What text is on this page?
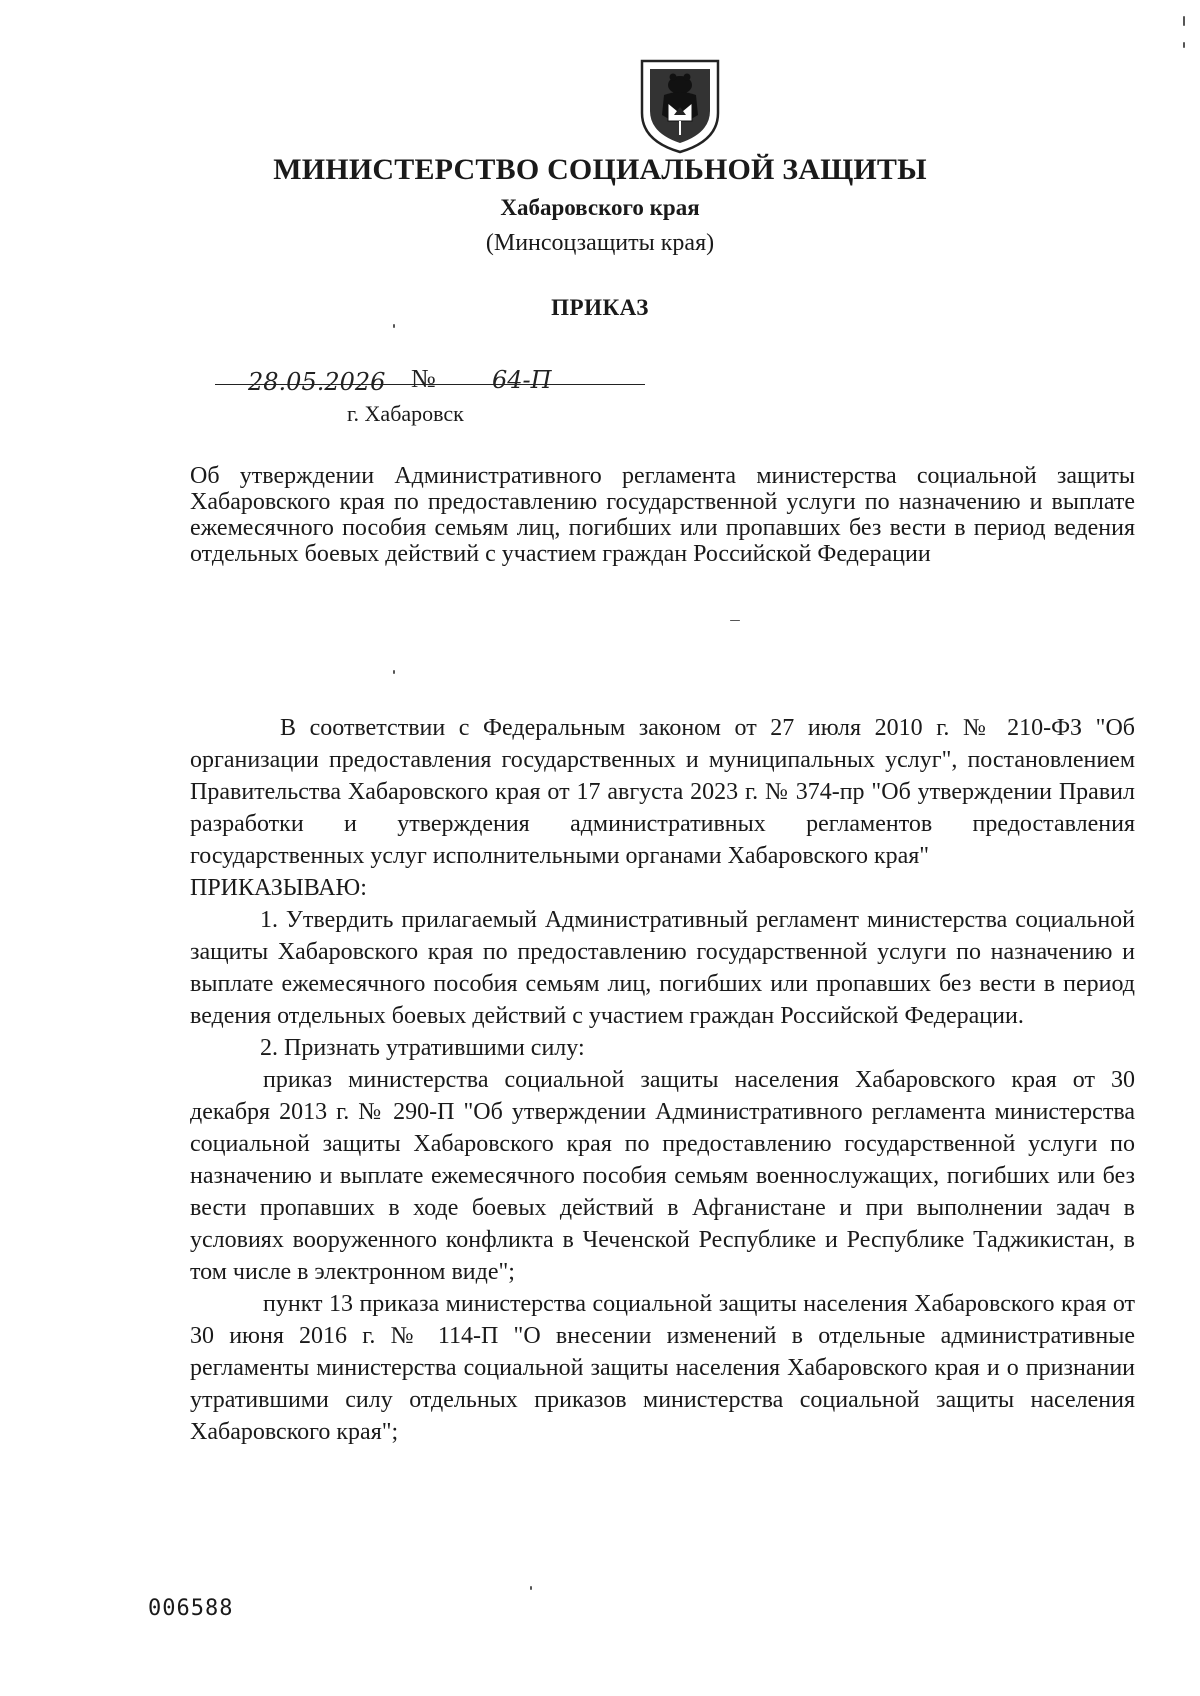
МИНИСТЕРСТВО СОЦИАЛЬНОЙ ЗАЩИТЫ
Хабаровского края
(Минсоцзащиты края)
ПРИКАЗ
28.05.2026 № 64-П
г. Хабаровск
Об утверждении Административного регламента министерства социальной защиты Хабаровского края по предоставлению государственной услуги по назначению и выплате ежемесячного пособия семьям лиц, погибших или пропавших без вести в период ведения отдельных боевых действий с участием граждан Российской Федерации

В соответствии с Федеральным законом от 27 июля 2010 г. № 210-ФЗ "Об организации предоставления государственных и муниципальных услуг", постановлением Правительства Хабаровского края от 17 августа 2023 г. № 374-пр "Об утверждении Правил разработки и утверждения административных регламентов предоставления государственных услуг исполнительными органами Хабаровского края"

ПРИКАЗЫВАЮ:

1. Утвердить прилагаемый Административный регламент министерства социальной защиты Хабаровского края по предоставлению государственной услуги по назначению и выплате ежемесячного пособия семьям лиц, погибших или пропавших без вести в период ведения отдельных боевых действий с участием граждан Российской Федерации.

2. Признать утратившими силу:

приказ министерства социальной защиты населения Хабаровского края от 30 декабря 2013 г. № 290-П "Об утверждении Административного регламента министерства социальной защиты Хабаровского края по предоставлению государственной услуги по назначению и выплате ежемесячного пособия семьям военнослужащих, погибших или без вести пропавших в ходе боевых действий в Афганистане и при выполнении задач в условиях вооруженного конфликта в Чеченской Республике и Республике Таджикистан, в том числе в электронном виде";

пункт 13 приказа министерства социальной защиты населения Хабаровского края от 30 июня 2016 г. № 114-П "О внесении изменений в отдельные административные регламенты министерства социальной защиты населения Хабаровского края и о признании утратившими силу отдельных приказов министерства социальной защиты населения Хабаровского края";

006588
